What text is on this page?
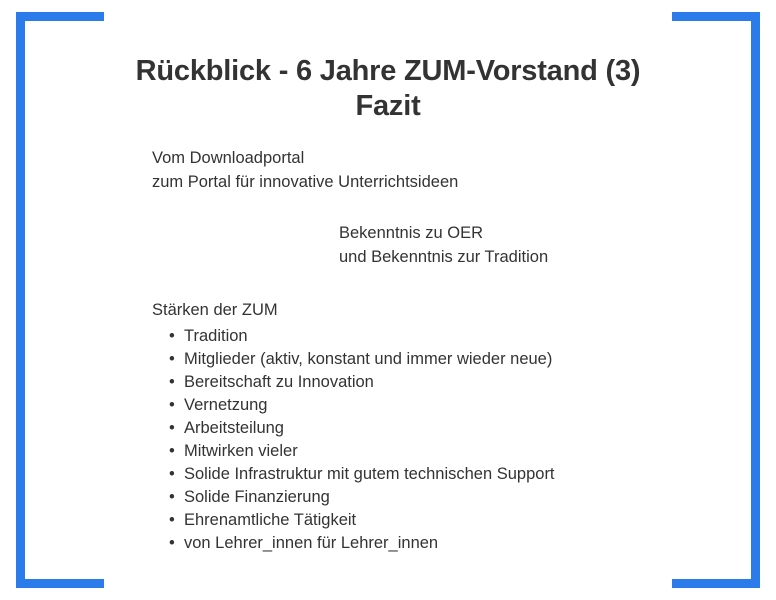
Rückblick - 6 Jahre ZUM-Vorstand (3)
Fazit
Vom Downloadportal
zum Portal für innovative Unterrichtsideen
Bekenntnis zu OER
und Bekenntnis zur Tradition
Stärken der ZUM
• Tradition
• Mitglieder (aktiv, konstant und immer wieder neue)
• Bereitschaft zu Innovation
• Vernetzung
• Arbeitsteilung
• Mitwirken vieler
• Solide Infrastruktur mit gutem technischen Support
• Solide Finanzierung
• Ehrenamtliche Tätigkeit
• von Lehrer_innen für Lehrer_innen
